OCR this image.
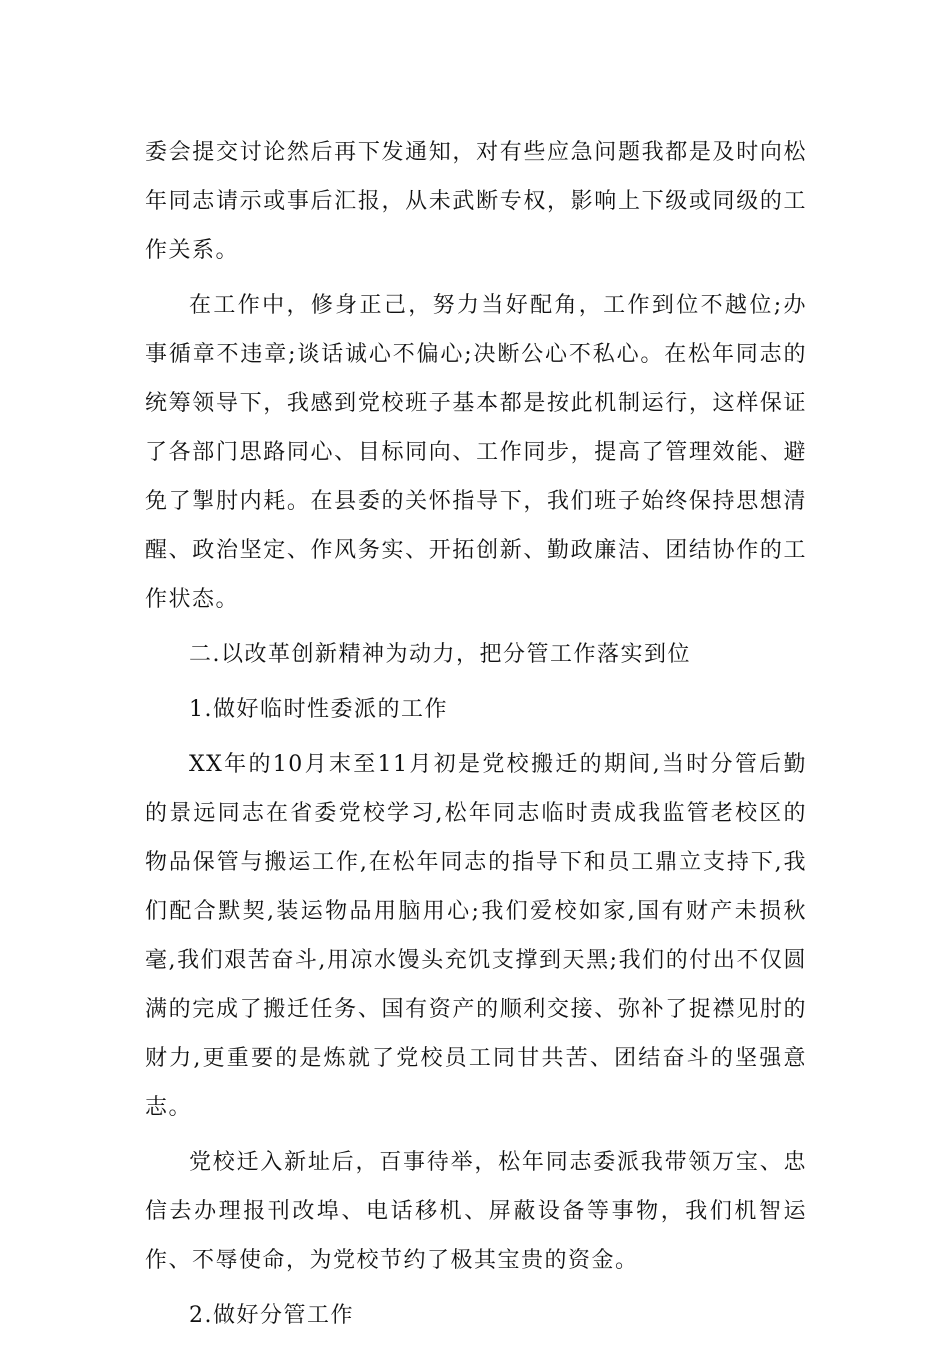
委会提交讨论然后再下发通知，对有些应急问题我都是及时向松年同志请示或事后汇报，从未武断专权，影响上下级或同级的工作关系。

在工作中，修身正己，努力当好配角，工作到位不越位;办事循章不违章;谈话诚心不偏心;决断公心不私心。在松年同志的统筹领导下，我感到党校班子基本都是按此机制运行，这样保证了各部门思路同心、目标同向、工作同步，提高了管理效能、避免了掣肘内耗。在县委的关怀指导下，我们班子始终保持思想清醒、政治坚定、作风务实、开拓创新、勤政廉洁、团结协作的工作状态。

二.以改革创新精神为动力，把分管工作落实到位

1.做好临时性委派的工作

XX年的10月末至11月初是党校搬迁的期间,当时分管后勤的景远同志在省委党校学习,松年同志临时责成我监管老校区的物品保管与搬运工作,在松年同志的指导下和员工鼎立支持下,我们配合默契,装运物品用脑用心;我们爱校如家,国有财产未损秋毫,我们艰苦奋斗,用凉水馒头充饥支撑到天黑;我们的付出不仅圆满的完成了搬迁任务、国有资产的顺利交接、弥补了捉襟见肘的财力,更重要的是炼就了党校员工同甘共苦、团结奋斗的坚强意志。

党校迁入新址后，百事待举，松年同志委派我带领万宝、忠信去办理报刊改埠、电话移机、屏蔽设备等事物，我们机智运作、不辱使命，为党校节约了极其宝贵的资金。

2.做好分管工作
